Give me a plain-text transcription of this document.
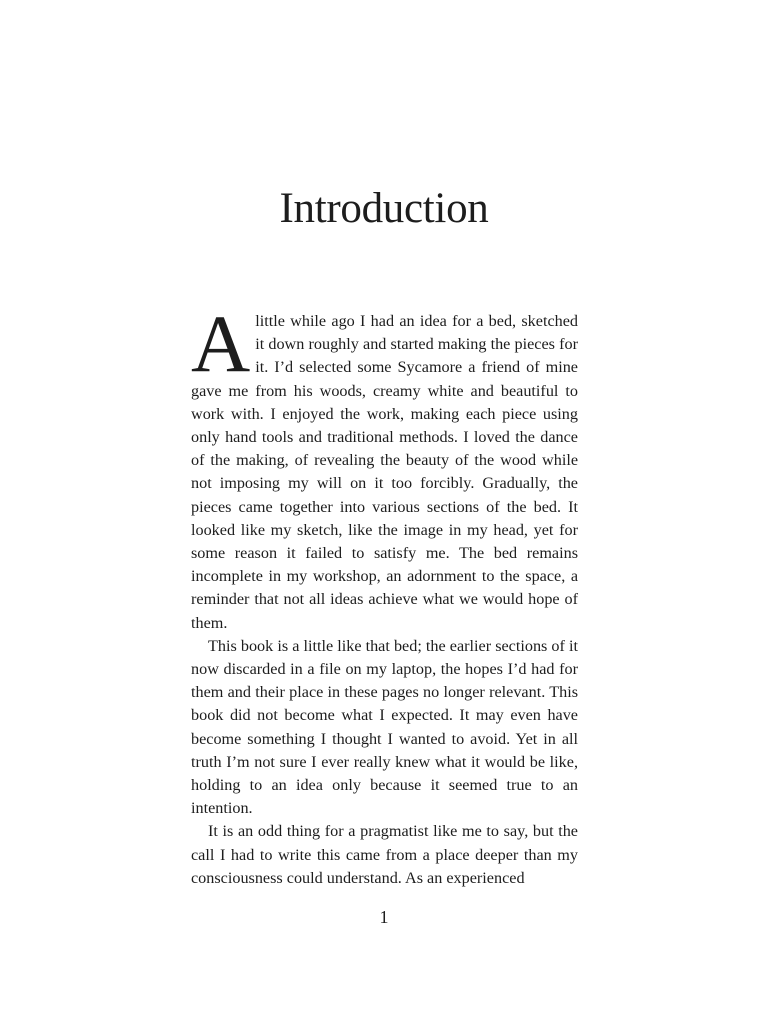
Introduction

Alittle while ago I had an idea for a bed, sketched it down roughly and started making the pieces for it. I’d selected some Sycamore a friend of mine gave me from his woods, creamy white and beautiful to work with. I enjoyed the work, making each piece using only hand tools and traditional methods. I loved the dance of the making, of revealing the beauty of the wood while not imposing my will on it too forcibly. Gradually, the pieces came together into various sections of the bed. It looked like my sketch, like the image in my head, yet for some reason it failed to satisfy me. The bed remains incomplete in my workshop, an adornment to the space, a reminder that not all ideas achieve what we would hope of them.

This book is a little like that bed; the earlier sections of it now discarded in a file on my laptop, the hopes I’d had for them and their place in these pages no longer relevant. This book did not become what I expected. It may even have become something I thought I wanted to avoid. Yet in all truth I’m not sure I ever really knew what it would be like, holding to an idea only because it seemed true to an intention.

It is an odd thing for a pragmatist like me to say, but the call I had to write this came from a place deeper than my consciousness could understand. As an experienced

1
